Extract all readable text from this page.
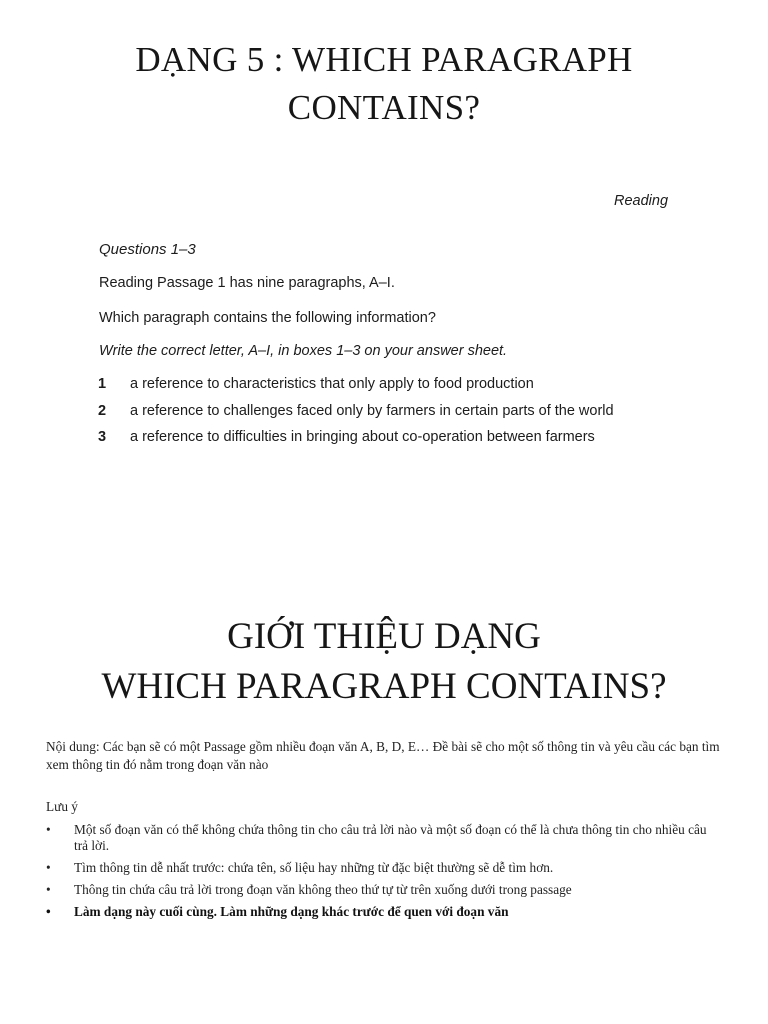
DẠNG 5 : WHICH PARAGRAPH
CONTAINS?
Reading
Questions 1–3
Reading Passage 1 has nine paragraphs, A–I.
Which paragraph contains the following information?
Write the correct letter, A–I, in boxes 1–3 on your answer sheet.
1 a reference to characteristics that only apply to food production
2 a reference to challenges faced only by farmers in certain parts of the world
3 a reference to difficulties in bringing about co-operation between farmers
GIỚI THIỆU DẠNG
WHICH PARAGRAPH CONTAINS?
Nội dung: Các bạn sẽ có một Passage gồm nhiều đoạn văn A, B, D, E… Đề bài sẽ cho một số thông tin và yêu cầu các bạn tìm xem thông tin đó nằm trong đoạn văn nào
Lưu ý
• Một số đoạn văn có thể không chứa thông tin cho câu trả lời nào và một số đoạn có thể là chưa thông tin cho nhiều câu trả lời.
• Tìm thông tin dễ nhất trước: chứa tên, số liệu hay những từ đặc biệt thường sẽ dễ tìm hơn.
• Thông tin chứa câu trả lời trong đoạn văn không theo thứ tự từ trên xuống dưới trong passage
• Làm dạng này cuối cùng. Làm những dạng khác trước để quen với đoạn văn
